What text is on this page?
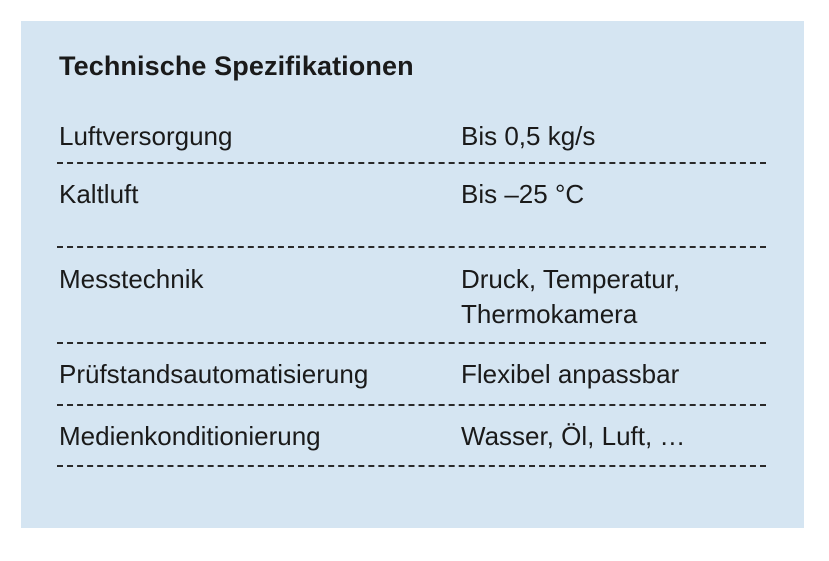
Technische Spezifikationen
Luftversorgung	Bis 0,5 kg/s
Kaltluft	Bis –25 °C
Messtechnik	Druck, Temperatur,
Thermokamera
Prüfstandsautomatisierung	Flexibel anpassbar
Medienkonditionierung	Wasser, Öl, Luft, …
